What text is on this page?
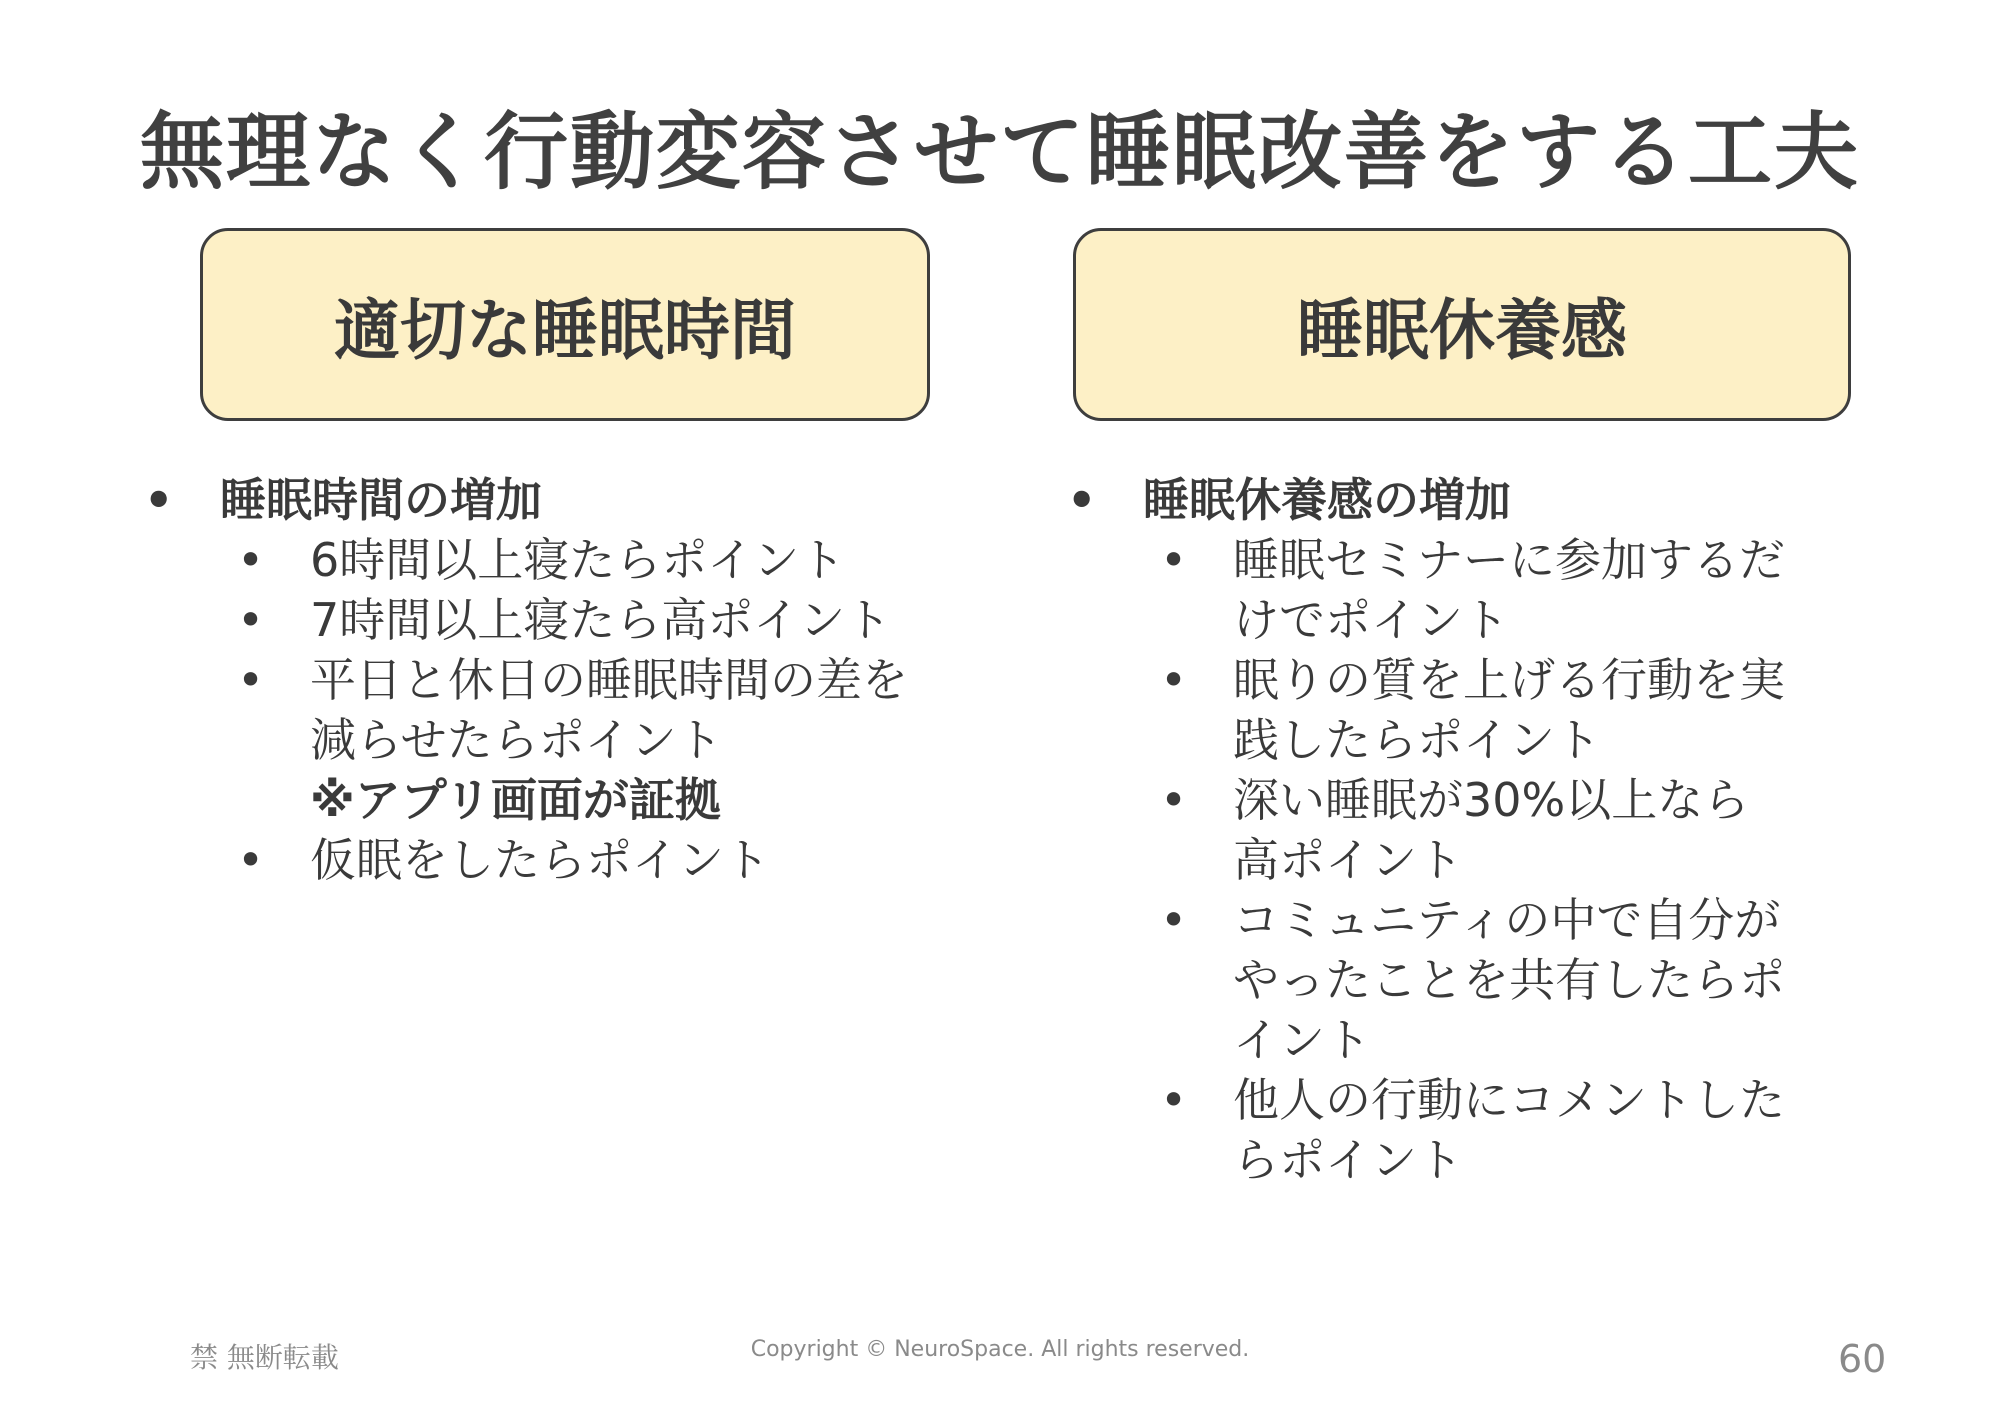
無理なく行動変容させて睡眠改善をする工夫
適切な睡眠時間	睡眠休養感
• 睡眠時間の増加
• 6時間以上寝たらポイント
• 7時間以上寝たら高ポイント
• 平日と休日の睡眠時間の差を
減らせたらポイント
※アプリ画面が証拠
• 仮眠をしたらポイント
• 睡眠休養感の増加
• 睡眠セミナーに参加するだ
けでポイント
• 眠りの質を上げる行動を実
践したらポイント
• 深い睡眠が30%以上なら
高ポイント
• コミュニティの中で自分が
やったことを共有したらポ
イント
• 他人の行動にコメントした
らポイント
禁 無断転載	Copyright © NeuroSpace. All rights reserved.	60
